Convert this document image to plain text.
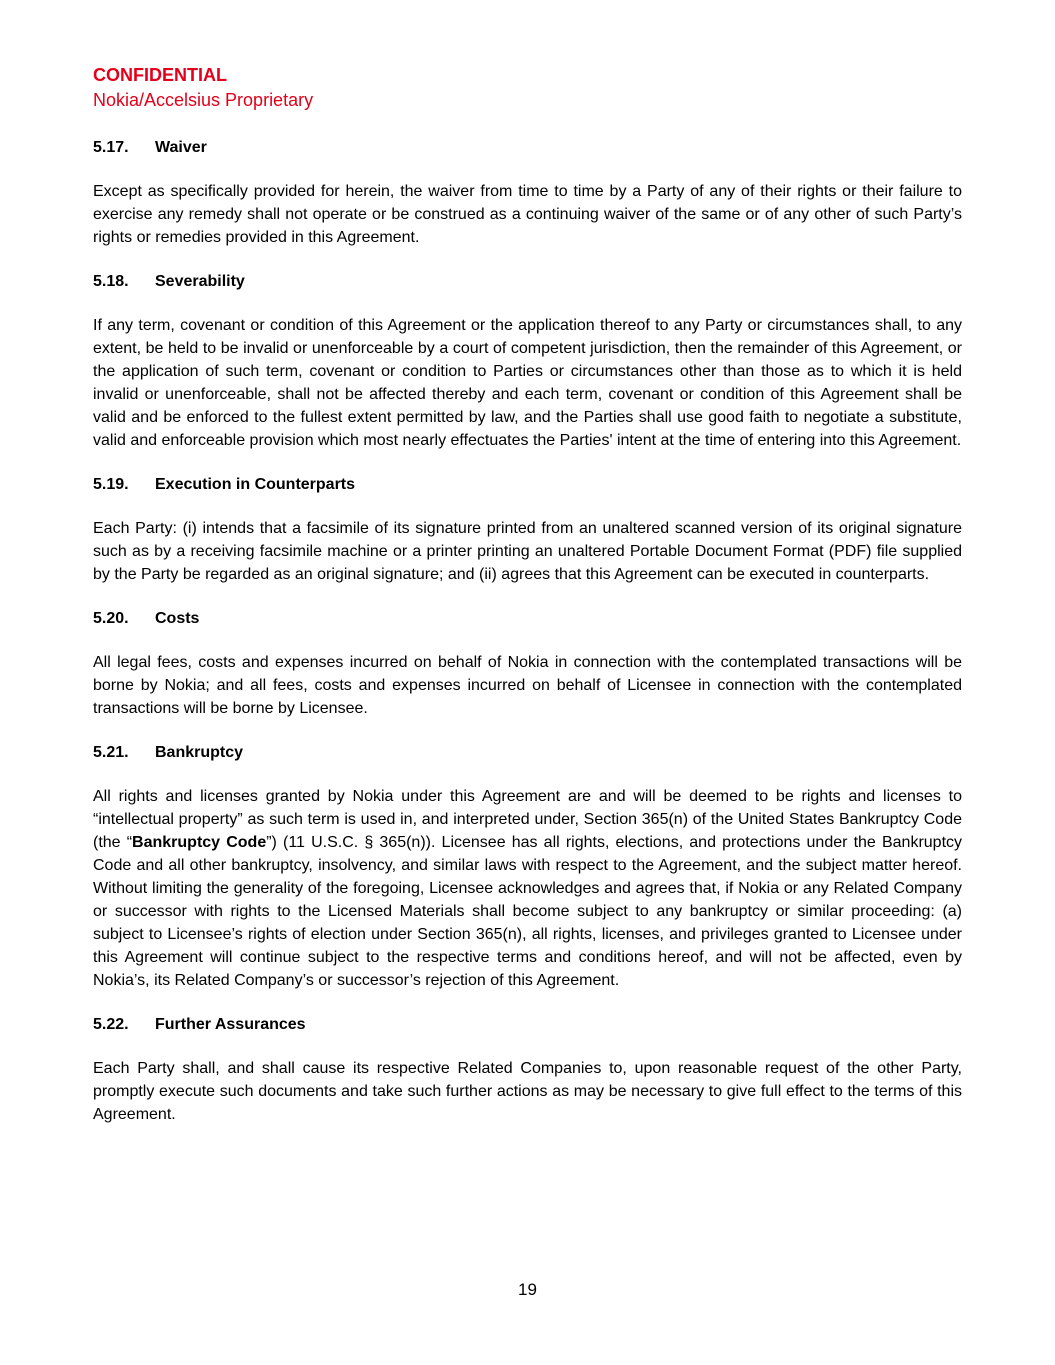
CONFIDENTIAL
Nokia/Accelsius Proprietary
5.17. Waiver
Except as specifically provided for herein, the waiver from time to time by a Party of any of their rights or their failure to exercise any remedy shall not operate or be construed as a continuing waiver of the same or of any other of such Party’s rights or remedies provided in this Agreement.
5.18. Severability
If any term, covenant or condition of this Agreement or the application thereof to any Party or circumstances shall, to any extent, be held to be invalid or unenforceable by a court of competent jurisdiction, then the remainder of this Agreement, or the application of such term, covenant or condition to Parties or circumstances other than those as to which it is held invalid or unenforceable, shall not be affected thereby and each term, covenant or condition of this Agreement shall be valid and be enforced to the fullest extent permitted by law, and the Parties shall use good faith to negotiate a substitute, valid and enforceable provision which most nearly effectuates the Parties' intent at the time of entering into this Agreement.
5.19. Execution in Counterparts
Each Party: (i) intends that a facsimile of its signature printed from an unaltered scanned version of its original signature such as by a receiving facsimile machine or a printer printing an unaltered Portable Document Format (PDF) file supplied by the Party be regarded as an original signature; and (ii) agrees that this Agreement can be executed in counterparts.
5.20. Costs
All legal fees, costs and expenses incurred on behalf of Nokia in connection with the contemplated transactions will be borne by Nokia; and all fees, costs and expenses incurred on behalf of Licensee in connection with the contemplated transactions will be borne by Licensee.
5.21. Bankruptcy
All rights and licenses granted by Nokia under this Agreement are and will be deemed to be rights and licenses to “intellectual property” as such term is used in, and interpreted under, Section 365(n) of the United States Bankruptcy Code (the “Bankruptcy Code”) (11 U.S.C. § 365(n)). Licensee has all rights, elections, and protections under the Bankruptcy Code and all other bankruptcy, insolvency, and similar laws with respect to the Agreement, and the subject matter hereof. Without limiting the generality of the foregoing, Licensee acknowledges and agrees that, if Nokia or any Related Company or successor with rights to the Licensed Materials shall become subject to any bankruptcy or similar proceeding: (a) subject to Licensee’s rights of election under Section 365(n), all rights, licenses, and privileges granted to Licensee under this Agreement will continue subject to the respective terms and conditions hereof, and will not be affected, even by Nokia’s, its Related Company’s or successor’s rejection of this Agreement.
5.22. Further Assurances
Each Party shall, and shall cause its respective Related Companies to, upon reasonable request of the other Party, promptly execute such documents and take such further actions as may be necessary to give full effect to the terms of this Agreement.
19
